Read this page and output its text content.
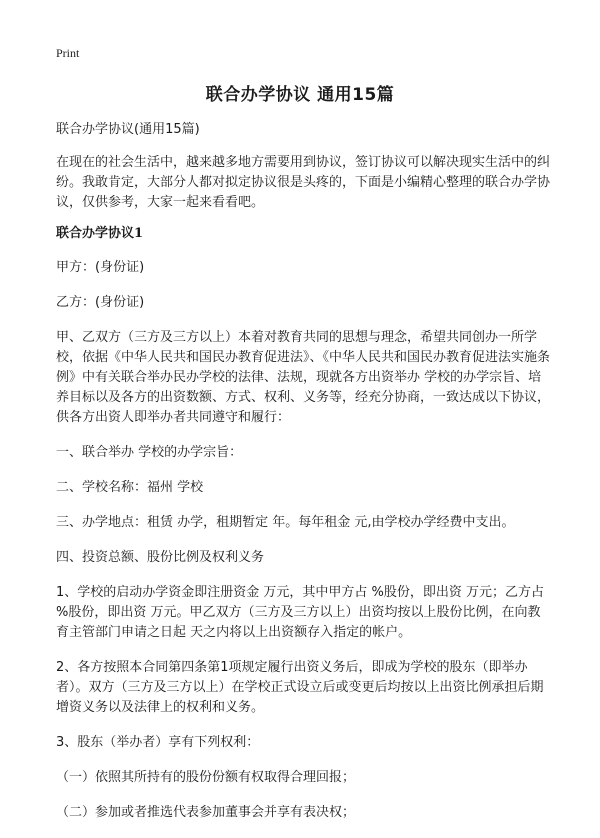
Print
联合办学协议 通用15篇

联合办学协议(通用15篇)

在现在的社会生活中，越来越多地方需要用到协议，签订协议可以解决现实生活中的纠纷。我敢肯定，大部分人都对拟定协议很是头疼的，下面是小编精心整理的联合办学协议，仅供参考，大家一起来看看吧。

联合办学协议1

甲方：(身份证)

乙方：(身份证)

甲、乙双方（三方及三方以上）本着对教育共同的思想与理念，希望共同创办一所学校，依据《中华人民共和国民办教育促进法》、《中华人民共和国民办教育促进法实施条例》中有关联合举办民办学校的法律、法规，现就各方出资举办 学校的办学宗旨、培养目标以及各方的出资数额、方式、权利、义务等，经充分协商，一致达成以下协议，供各方出资人即举办者共同遵守和履行：

一、联合举办 学校的办学宗旨：

二、学校名称：福州 学校

三、办学地点：租赁 办学，租期暂定 年。每年租金 元,由学校办学经费中支出。

四、投资总额、股份比例及权利义务

1、学校的启动办学资金即注册资金 万元，其中甲方占 %股份，即出资 万元；乙方占 %股份，即出资 万元。甲乙双方（三方及三方以上）出资均按以上股份比例，在向教育主管部门申请之日起 天之内将以上出资额存入指定的帐户。

2、各方按照本合同第四条第1项规定履行出资义务后，即成为学校的股东（即举办者）。双方（三方及三方以上）在学校正式设立后或变更后均按以上出资比例承担后期增资义务以及法律上的权利和义务。

3、股东（举办者）享有下列权利：

（一）依照其所持有的股份份额有权取得合理回报；

（二）参加或者推选代表参加董事会并享有表决权；
